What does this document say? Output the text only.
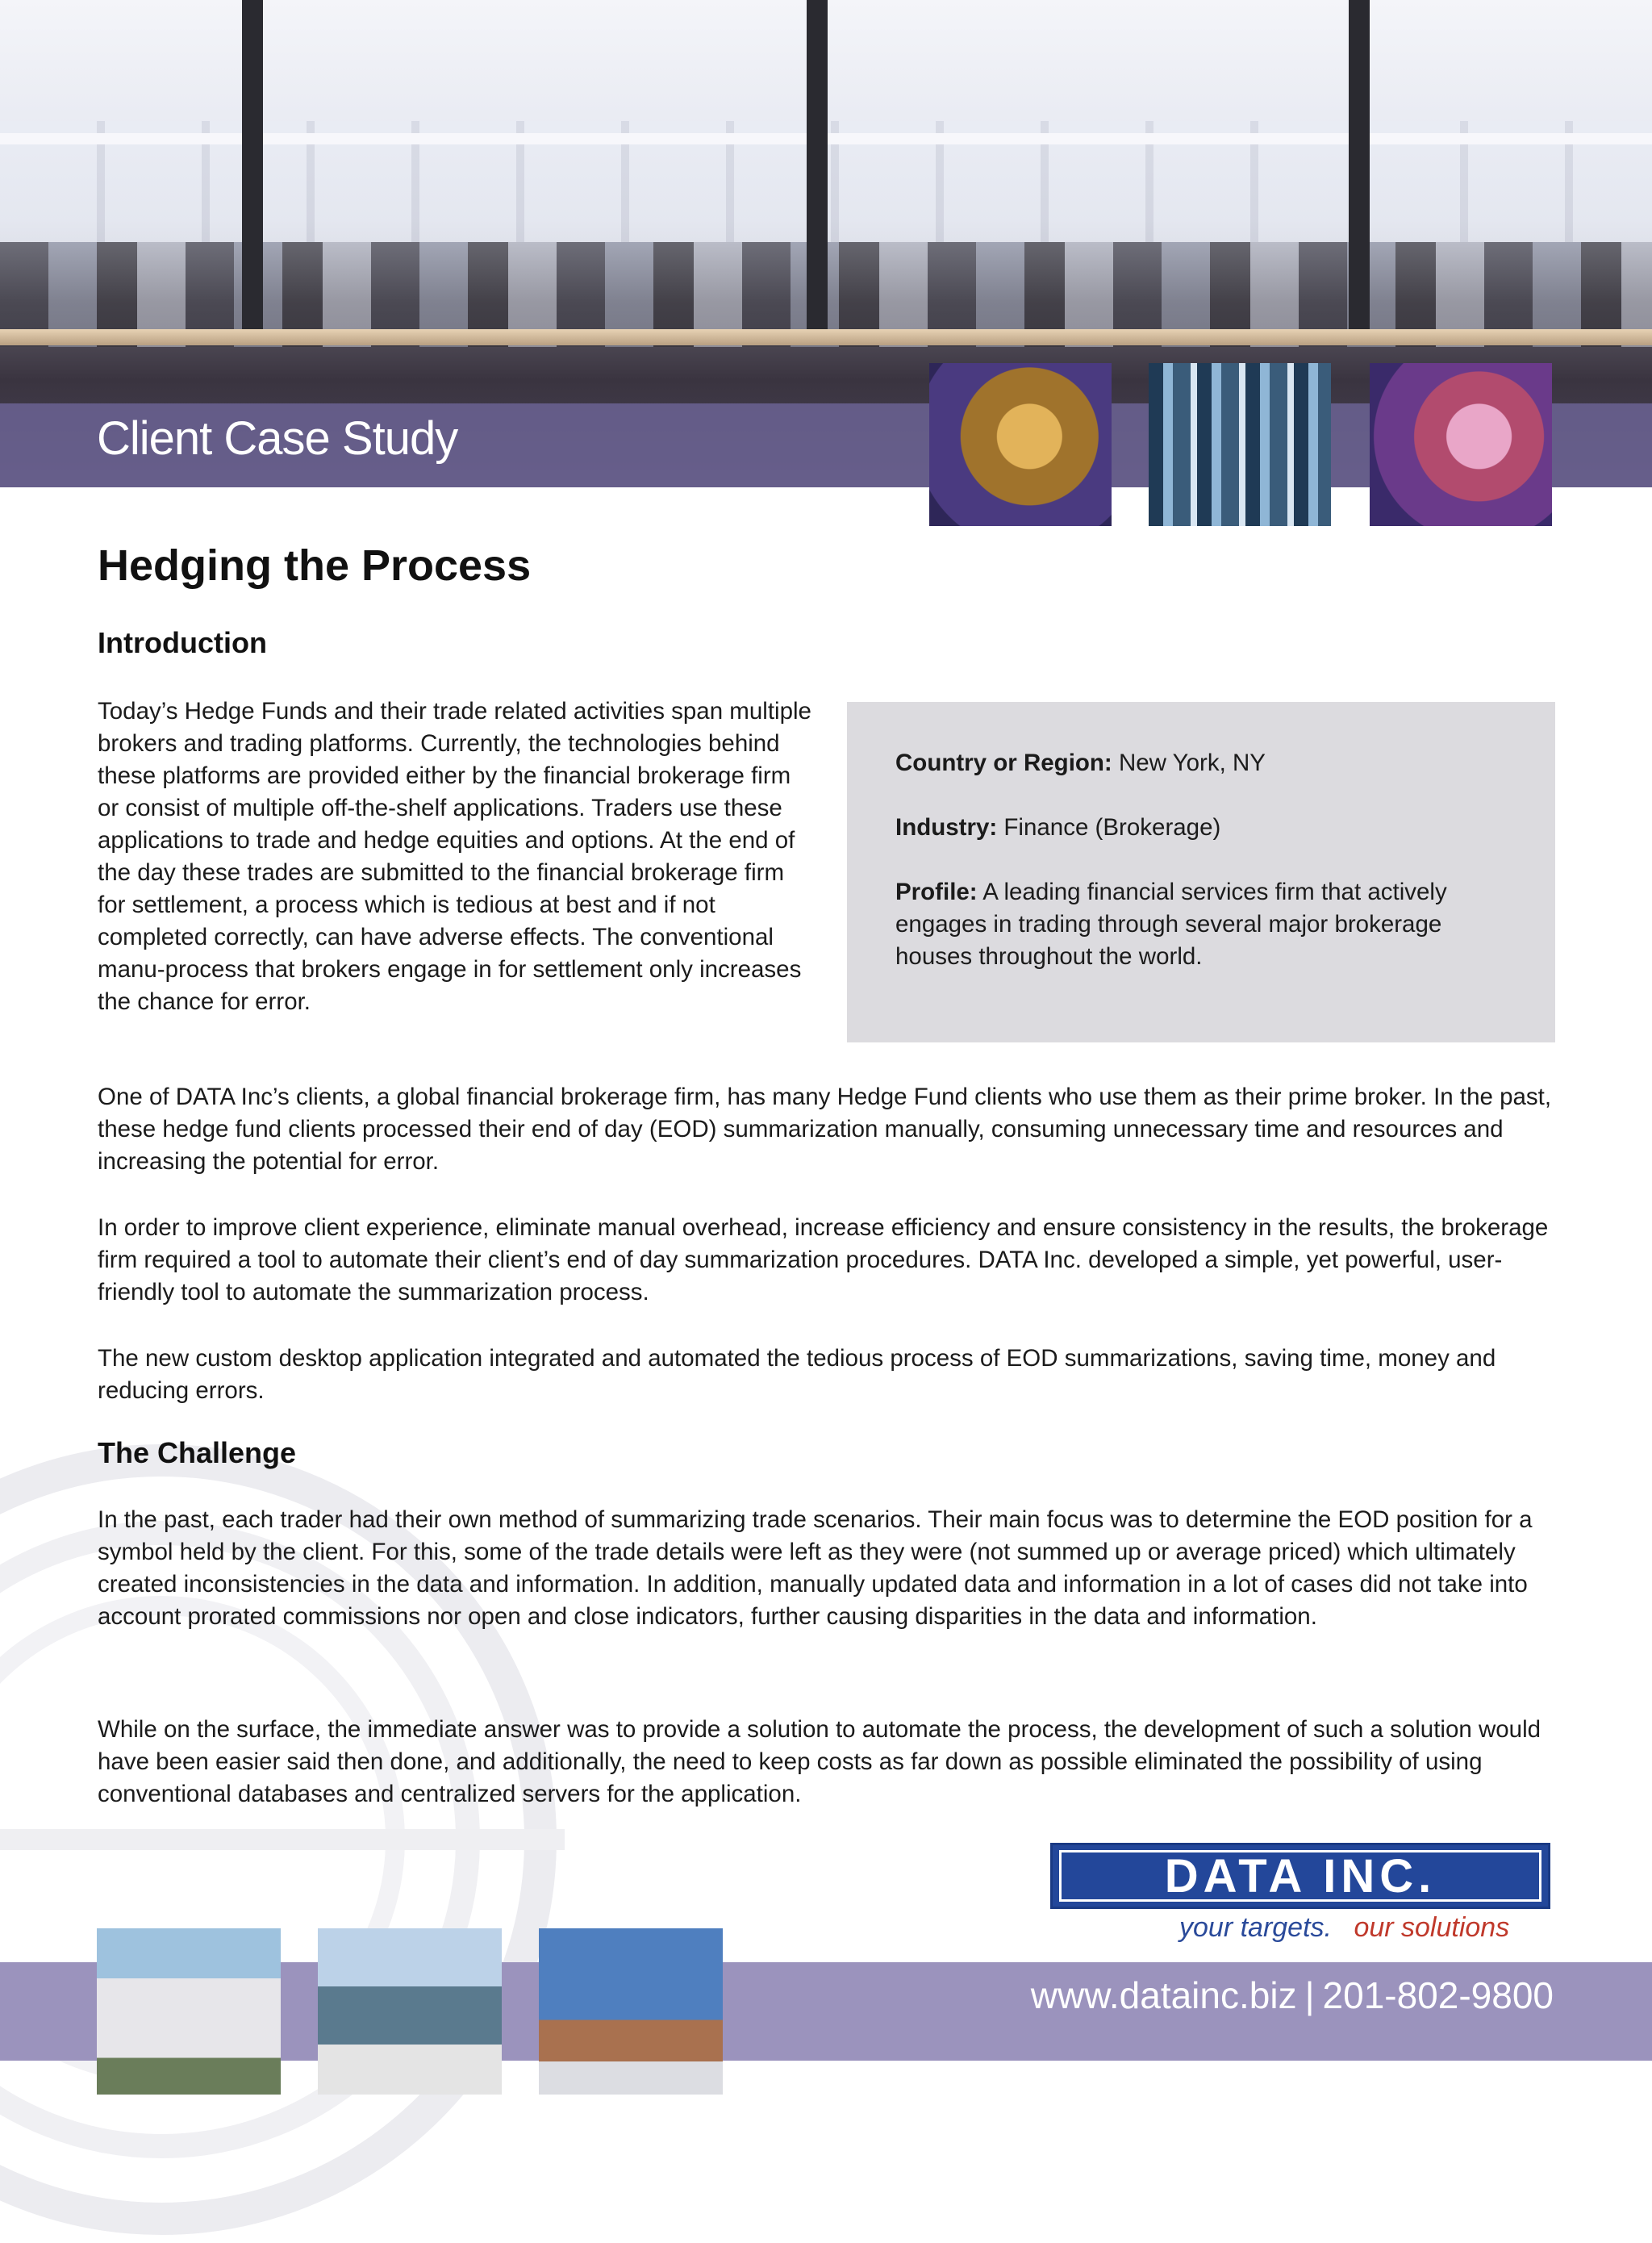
Client Case Study
Hedging the Process
Introduction

Today’s Hedge Funds and their trade related activities span multiple brokers and trading platforms. Currently, the technologies behind these platforms are provided either by the financial brokerage firm or consist of multiple off-the-shelf applications. Traders use these applications to trade and hedge equities and options. At the end of the day these trades are submitted to the financial brokerage firm for settlement, a process which is tedious at best and if not completed correctly, can have adverse effects. The conventional manu-process that brokers engage in for settlement only increases the chance for error.

Country or Region: New York, NY
Industry: Finance (Brokerage)
Profile: A leading financial services firm that actively engages in trading through several major brokerage houses throughout the world.

One of DATA Inc’s clients, a global financial brokerage firm, has many Hedge Fund clients who use them as their prime broker. In the past, these hedge fund clients processed their end of day (EOD) summarization manually, consuming unnecessary time and resources and increasing the potential for error.

In order to improve client experience, eliminate manual overhead, increase efficiency and ensure consistency in the results, the brokerage firm required a tool to automate their client’s end of day summarization procedures. DATA Inc. developed a simple, yet powerful, user-friendly tool to automate the summarization process.

The new custom desktop application integrated and automated the tedious process of EOD summarizations, saving time, money and reducing errors.

The Challenge

In the past, each trader had their own method of summarizing trade scenarios. Their main focus was to determine the EOD position for a symbol held by the client. For this, some of the trade details were left as they were (not summed up or average priced) which ultimately created inconsistencies in the data and information. In addition, manually updated data and information in a lot of cases did not take into account prorated commissions nor open and close indicators, further causing disparities in the data and information.

While on the surface, the immediate answer was to provide a solution to automate the process, the development of such a solution would have been easier said then done, and additionally, the need to keep costs as far down as possible eliminated the possibility of using conventional databases and centralized servers for the application.

DATA INC.
your targets. our solutions
www.datainc.biz | 201-802-9800
